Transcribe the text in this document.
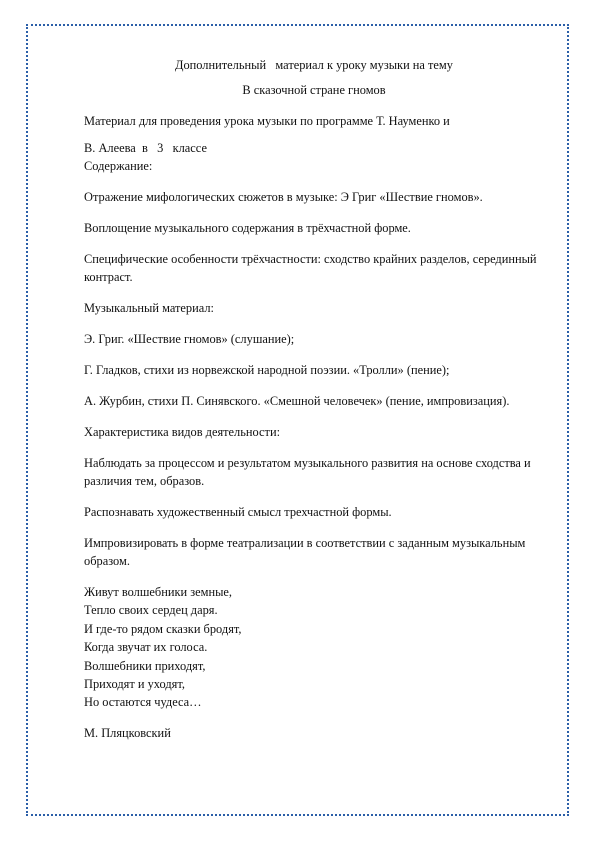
Дополнительный   материал к уроку музыки на тему

В сказочной стране гномов

Материал для проведения урока музыки по программе Т. Науменко и

В. Алеева  в   3   классе

Содержание:

Отражение мифологических сюжетов в музыке: Э Григ «Шествие гномов».

Воплощение музыкального содержания в трёхчастной форме.

Специфические особенности трёхчастности: сходство крайних разделов, серединный контраст.

Музыкальный материал:

Э. Григ. «Шествие гномов» (слушание);

Г. Гладков, стихи из норвежской народной поэзии. «Тролли» (пение);

А. Журбин, стихи П. Синявского. «Смешной человечек» (пение, импровизация).

Характеристика видов деятельности:

Наблюдать за процессом и результатом музыкального развития на основе сходства и различия тем, образов.

Распознавать художественный смысл трехчастной формы.

Импровизировать в форме театрализации в соответствии с заданным музыкальным образом.

Живут волшебники земные,

Тепло своих сердец даря.

И где-то рядом сказки бродят,

Когда звучат их голоса.

Волшебники приходят,

Приходят и уходят,

Но остаются чудеса…

М. Пляцковский
